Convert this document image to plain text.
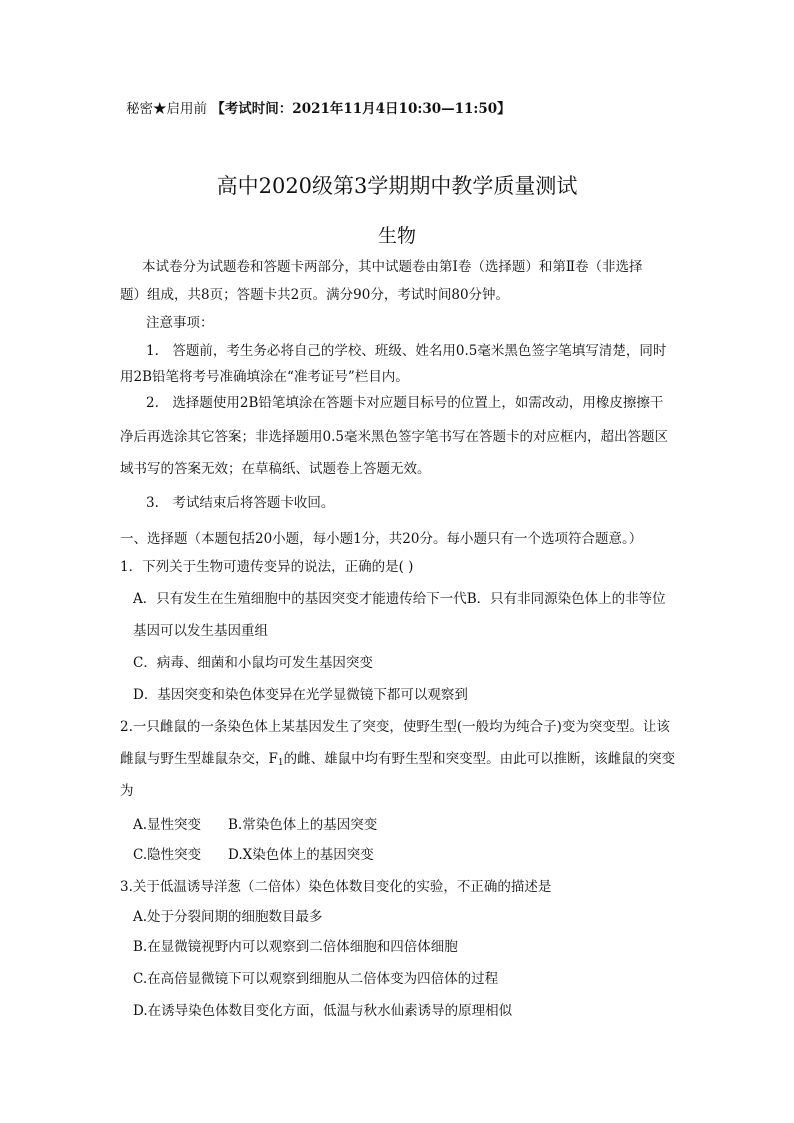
秘密★启用前 【考试时间：2021年11月4日10:30—11:50】
高中2020级第3学期期中教学质量测试
生物
本试卷分为试题卷和答题卡两部分，其中试题卷由第Ⅰ卷（选择题）和第Ⅱ卷（非选择
题）组成，共8页；答题卡共2页。满分90分，考试时间80分钟。
注意事项：
1.　答题前，考生务必将自己的学校、班级、姓名用0.5毫米黑色签字笔填写清楚，同时
用2B铅笔将考号准确填涂在“准考证号”栏目内。
2.　选择题使用2B铅笔填涂在答题卡对应题目标号的位置上，如需改动，用橡皮擦擦干
净后再选涂其它答案；非选择题用0.5毫米黑色签字笔书写在答题卡的对应框内，超出答题区
域书写的答案无效；在草稿纸、试题卷上答题无效。
3.　考试结束后将答题卡收回。
一、选择题（本题包括20小题，每小题1分，共20分。每小题只有一个选项符合题意。）
1．下列关于生物可遗传变异的说法，正确的是( )
A．只有发生在生殖细胞中的基因突变才能遗传给下一代B．只有非同源染色体上的非等位
基因可以发生基因重组
C．病毒、细菌和小鼠均可发生基因突变
D．基因突变和染色体变异在光学显微镜下都可以观察到
2.一只雌鼠的一条染色体上某基因发生了突变，使野生型(一般均为纯合子)变为突变型。让该
雌鼠与野生型雄鼠杂交，$F_1$的雌、雄鼠中均有野生型和突变型。由此可以推断，该雌鼠的突变
为
A.显性突变 B.常染色体上的基因突变
C.隐性突变 D.X染色体上的基因突变
3.关于低温诱导洋葱（二倍体）染色体数目变化的实验，不正确的描述是
A.处于分裂间期的细胞数目最多
B.在显微镜视野内可以观察到二倍体细胞和四倍体细胞
C.在高倍显微镜下可以观察到细胞从二倍体变为四倍体的过程
D.在诱导染色体数目变化方面，低温与秋水仙素诱导的原理相似
